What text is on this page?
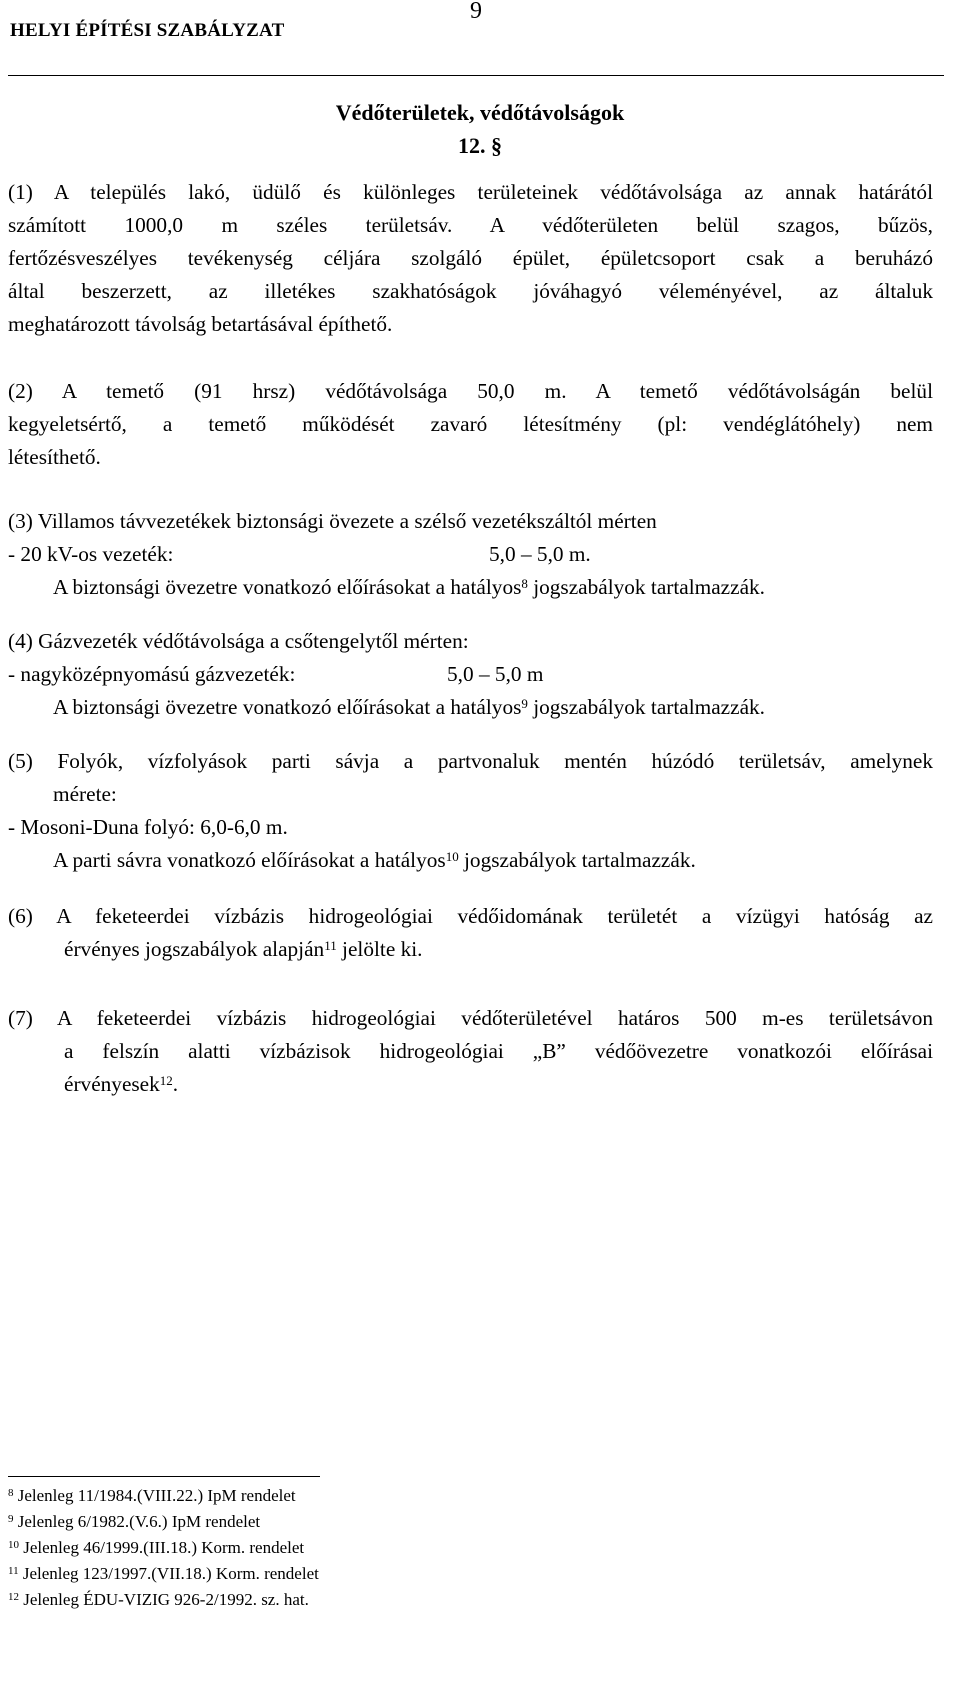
HELYI ÉPÍTÉSI SZABÁLYZAT
9
Védőterületek, védőtávolságok
12. §
(1) A település lakó, üdülő és különleges területeinek védőtávolsága az annak határától
számított 1000,0 m széles területsáv. A védőterületen belül szagos, bűzös,
fertőzésveszélyes tevékenység céljára szolgáló épület, épületcsoport csak a beruházó
által beszerzett, az illetékes szakhatóságok jóváhagyó véleményével, az általuk
meghatározott távolság betartásával építhető.
(2) A temető (91 hrsz) védőtávolsága 50,0 m. A temető védőtávolságán belül
kegyeletsértő, a temető működését zavaró létesítmény (pl: vendéglátóhely) nem
létesíthető.
(3) Villamos távvezetékek biztonsági övezete a szélső vezetékszáltól mérten
- 20 kV-os vezeték:	5,0 – 5,0 m.
A biztonsági övezetre vonatkozó előírásokat a hatályos$^8$ jogszabályok tartalmazzák.
(4) Gázvezeték védőtávolsága a csőtengelytől mérten:
- nagyközépnyomású gázvezeték:	5,0 – 5,0 m
A biztonsági övezetre vonatkozó előírásokat a hatályos$^9$ jogszabályok tartalmazzák.
(5) Folyók, vízfolyások parti sávja a partvonaluk mentén húzódó területsáv, amelynek
mérete:
- Mosoni-Duna folyó: 6,0-6,0 m.
A parti sávra vonatkozó előírásokat a hatályos$^{10}$ jogszabályok tartalmazzák.
(6) A feketeerdei vízbázis hidrogeológiai védőidomának területét a vízügyi hatóság az
érvényes jogszabályok alapján$^{11}$ jelölte ki.
(7) A feketeerdei vízbázis hidrogeológiai védőterületével határos 500 m-es területsávon
a felszín alatti vízbázisok hidrogeológiai „B” védőövezetre vonatkozói előírásai
érvényesek$^{12}$.
$^8$ Jelenleg 11/1984.(VIII.22.) IpM rendelet
$^9$ Jelenleg 6/1982.(V.6.) IpM rendelet
$^{10}$ Jelenleg 46/1999.(III.18.) Korm. rendelet
$^{11}$ Jelenleg 123/1997.(VII.18.) Korm. rendelet
$^{12}$ Jelenleg ÉDU-VIZIG 926-2/1992. sz. hat.
